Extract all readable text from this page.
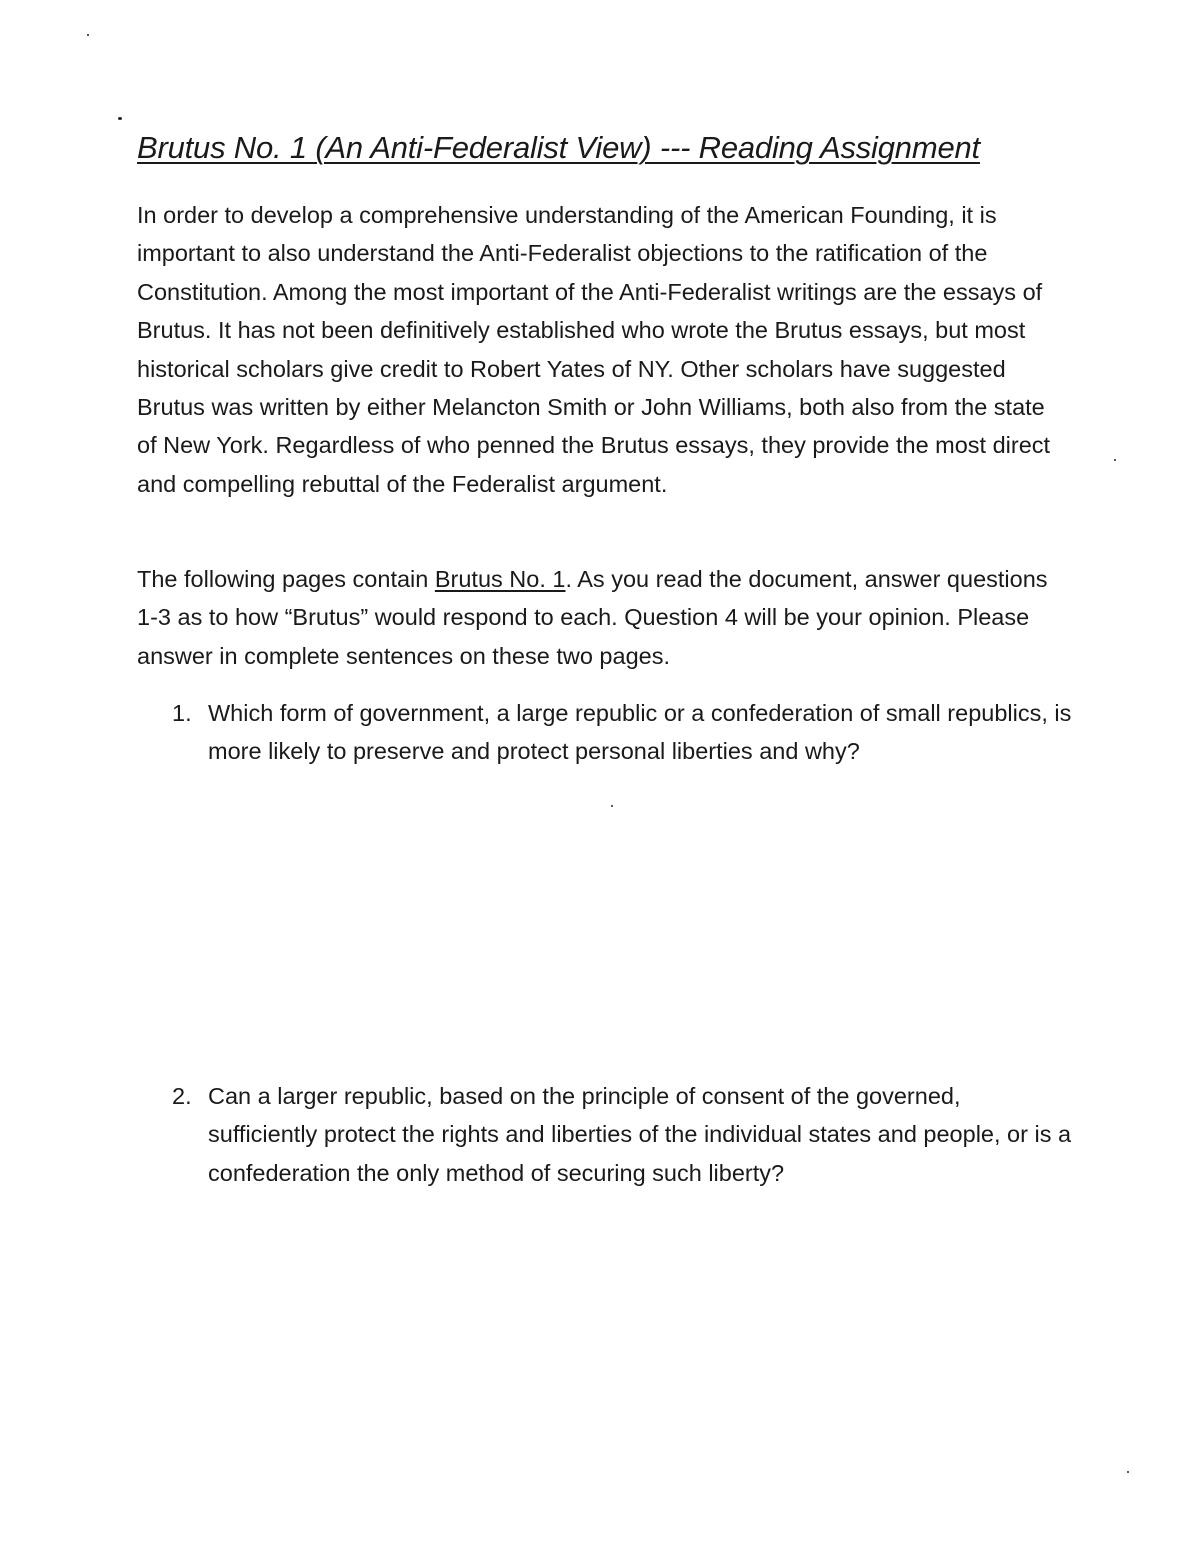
Brutus No. 1 (An Anti-Federalist View) --- Reading Assignment

In order to develop a comprehensive understanding of the American Founding, it is important to also understand the Anti-Federalist objections to the ratification of the Constitution. Among the most important of the Anti-Federalist writings are the essays of Brutus. It has not been definitively established who wrote the Brutus essays, but most historical scholars give credit to Robert Yates of NY. Other scholars have suggested Brutus was written by either Melancton Smith or John Williams, both also from the state of New York. Regardless of who penned the Brutus essays, they provide the most direct and compelling rebuttal of the Federalist argument.

The following pages contain Brutus No. 1. As you read the document, answer questions 1-3 as to how “Brutus” would respond to each. Question 4 will be your opinion. Please answer in complete sentences on these two pages.

1. Which form of government, a large republic or a confederation of small republics, is more likely to preserve and protect personal liberties and why?
2. Can a larger republic, based on the principle of consent of the governed, sufficiently protect the rights and liberties of the individual states and people, or is a confederation the only method of securing such liberty?
